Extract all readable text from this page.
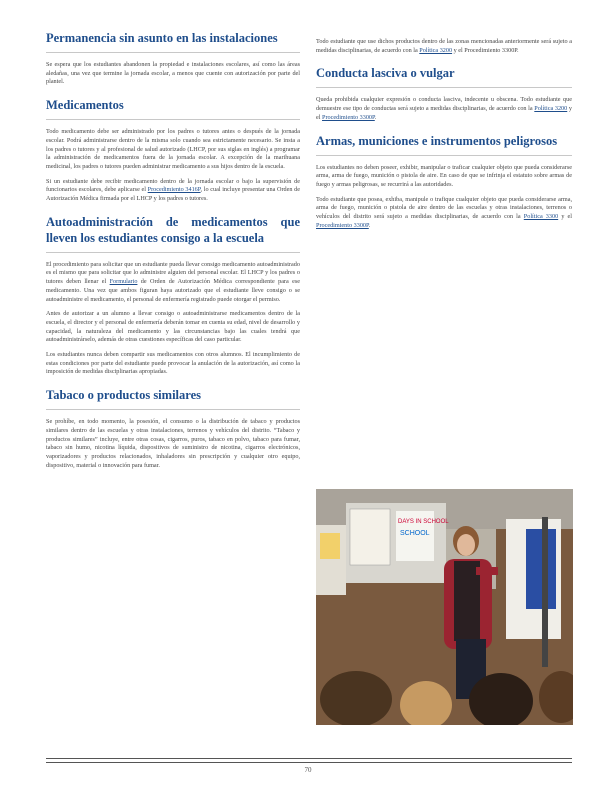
Permanencia sin asunto en las instalaciones

Se espera que los estudiantes abandonen la propiedad e instalaciones escolares, así como las áreas aledañas, una vez que termine la jornada escolar, a menos que cuente con autorización por parte del plantel.

Medicamentos

Todo medicamento debe ser administrado por los padres o tutores antes o después de la jornada escolar. Podrá administrarse dentro de la misma solo cuando sea estrictamente necesario. Se insta a los padres o tutores y al profesional de salud autorizado (LHCP, por sus siglas en inglés) a programar la administración de medicamentos fuera de la jornada escolar. A excepción de la marihuana medicinal, los padres o tutores pueden administrar medicamento a sus hijos dentro de la escuela.

Si un estudiante debe recibir medicamento dentro de la jornada escolar o bajo la supervisión de funcionarios escolares, debe aplicarse el Procedimiento 3416P, lo cual incluye presentar una Orden de Autorización Médica firmada por el LHCP y los padres o tutores.

Autoadministración de medicamentos que lleven los estudiantes consigo a la escuela

El procedimiento para solicitar que un estudiante pueda llevar consigo medicamento autoadministrado es el mismo que para solicitar que lo administre alguien del personal escolar. El LHCP y los padres o tutores deben llenar el Formulario de Orden de Autorización Médica correspondiente para ese medicamento. Una vez que ambos figuran haya autorizado que el estudiante lleve consigo o se autoadministre el medicamento, el personal de enfermería registrado puede otorgar el permiso.

Antes de autorizar a un alumno a llevar consigo o autoadministrarse medicamentos dentro de la escuela, el director y el personal de enfermería deberán tomar en cuenta su edad, nivel de desarrollo y capacidad, la naturaleza del medicamento y las circunstancias bajo las cuales tendrá que autoadministrárselo, además de otras cuestiones específicas del caso particular.

Los estudiantes nunca deben compartir sus medicamentos con otros alumnos. El incumplimiento de estas condiciones por parte del estudiante puede provocar la anulación de la autorización, así como la imposición de medidas disciplinarias apropiadas.

Tabaco o productos similares

Se prohíbe, en todo momento, la posesión, el consumo o la distribución de tabaco y productos similares dentro de las escuelas y otras instalaciones, terrenos y vehículos del distrito. “Tabaco y productos similares” incluye, entre otras cosas, cigarros, puros, tabaco en polvo, tabaco para fumar, tabaco sin humo, nicotina líquida, dispositivos de suministro de nicotina, cigarros electrónicos, vaporizadores y productos relacionados, inhaladores sin prescripción y cualquier otro equipo, dispositivo, material o innovación para fumar.

Todo estudiante que use dichos productos dentro de las zonas mencionadas anteriormente será sujeto a medidas disciplinarias, de acuerdo con la Política 3200 y el Procedimiento 3300P.

Conducta lasciva o vulgar

Queda prohibida cualquier expresión o conducta lasciva, indecente u obscena. Todo estudiante que demuestre ese tipo de conductas será sujeto a medidas disciplinarias, de acuerdo con la Política 3200 y el Procedimiento 3300P.

Armas, municiones e instrumentos peligrosos

Los estudiantes no deben poseer, exhibir, manipular o traficar cualquier objeto que pueda considerarse arma, arma de fuego, munición o pistola de aire. En caso de que se infrinja el estatuto sobre armas de fuego y armas peligrosas, se recurrirá a las autoridades.

Todo estudiante que posea, exhiba, manipule o trafique cualquier objeto que pueda considerarse arma, arma de fuego, munición o pistola de aire dentro de las escuelas y otras instalaciones, terrenos o vehículos del distrito será sujeto a medidas disciplinarias, de acuerdo con la Política 3300 y el Procedimiento 3300P.

DAYS IN SCHOOL
SCHOOL
70
